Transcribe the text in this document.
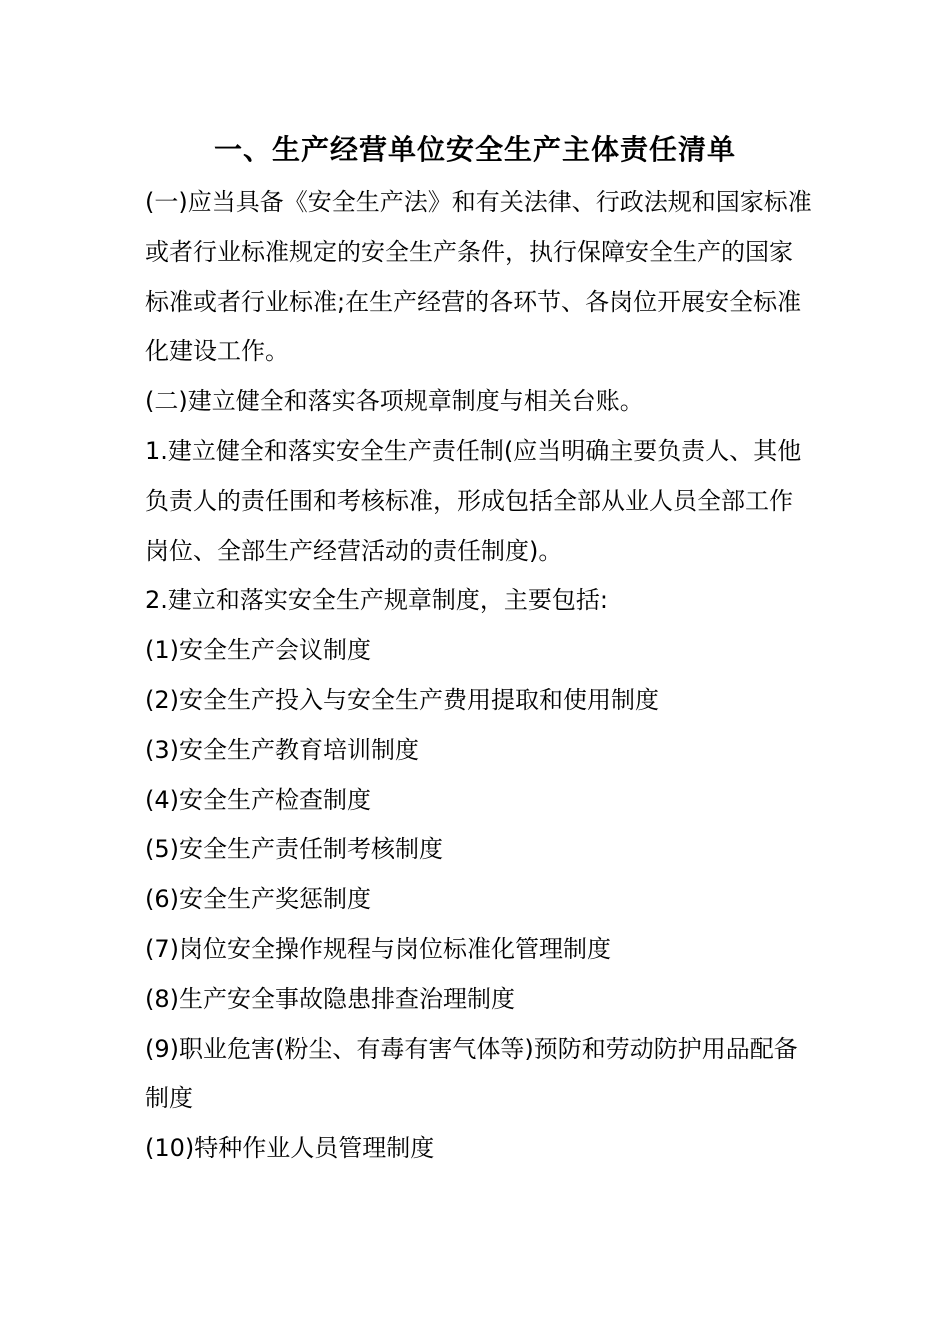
一、生产经营单位安全生产主体责任清单

(一)应当具备《安全生产法》和有关法律、行政法规和国家标准或者行业标准规定的安全生产条件，执行保障安全生产的国家标准或者行业标准;在生产经营的各环节、各岗位开展安全标准化建设工作。

(二)建立健全和落实各项规章制度与相关台账。

1.建立健全和落实安全生产责任制(应当明确主要负责人、其他负责人的责任围和考核标准，形成包括全部从业人员全部工作岗位、全部生产经营活动的责任制度)。

2.建立和落实安全生产规章制度，主要包括:

(1)安全生产会议制度

(2)安全生产投入与安全生产费用提取和使用制度

(3)安全生产教育培训制度

(4)安全生产检查制度

(5)安全生产责任制考核制度

(6)安全生产奖惩制度

(7)岗位安全操作规程与岗位标准化管理制度

(8)生产安全事故隐患排查治理制度

(9)职业危害(粉尘、有毒有害气体等)预防和劳动防护用品配备制度

(10)特种作业人员管理制度
